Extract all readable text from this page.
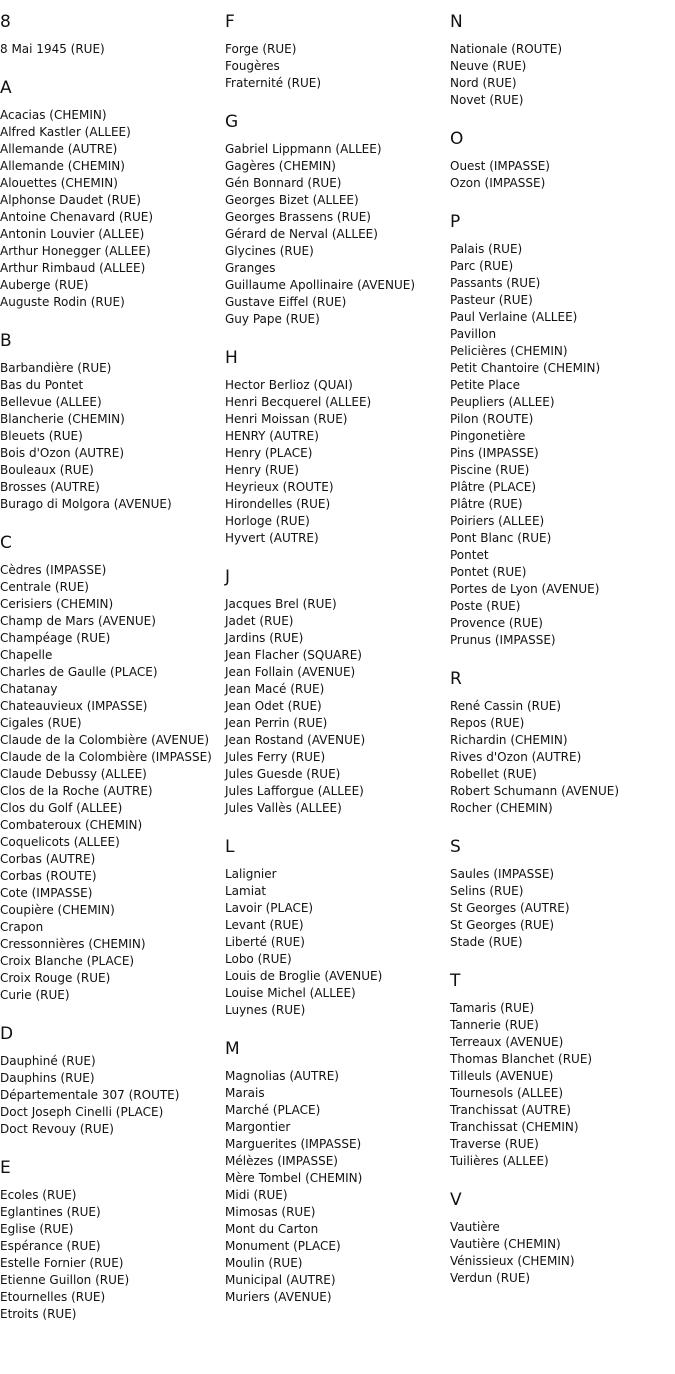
8
8 Mai 1945 (RUE)
A
Acacias (CHEMIN)
Alfred Kastler (ALLEE)
Allemande (AUTRE)
Allemande (CHEMIN)
Alouettes (CHEMIN)
Alphonse Daudet (RUE)
Antoine Chenavard (RUE)
Antonin Louvier (ALLEE)
Arthur Honegger (ALLEE)
Arthur Rimbaud (ALLEE)
Auberge (RUE)
Auguste Rodin (RUE)
B
Barbandière (RUE)
Bas du Pontet
Bellevue (ALLEE)
Blancherie (CHEMIN)
Bleuets (RUE)
Bois d'Ozon (AUTRE)
Bouleaux (RUE)
Brosses (AUTRE)
Burago di Molgora (AVENUE)
C
Cèdres (IMPASSE)
Centrale (RUE)
Cerisiers (CHEMIN)
Champ de Mars (AVENUE)
Champéage (RUE)
Chapelle
Charles de Gaulle (PLACE)
Chatanay
Chateauvieux (IMPASSE)
Cigales (RUE)
Claude de la Colombière (AVENUE)
Claude de la Colombière (IMPASSE)
Claude Debussy (ALLEE)
Clos de la Roche (AUTRE)
Clos du Golf (ALLEE)
Combateroux (CHEMIN)
Coquelicots (ALLEE)
Corbas (AUTRE)
Corbas (ROUTE)
Cote (IMPASSE)
Coupière (CHEMIN)
Crapon
Cressonnières (CHEMIN)
Croix Blanche (PLACE)
Croix Rouge (RUE)
Curie (RUE)
D
Dauphiné (RUE)
Dauphins (RUE)
Départementale 307 (ROUTE)
Doct Joseph Cinelli (PLACE)
Doct Revouy (RUE)
E
Ecoles (RUE)
Eglantines (RUE)
Eglise (RUE)
Espérance (RUE)
Estelle Fornier (RUE)
Etienne Guillon (RUE)
Etournelles (RUE)
Etroits (RUE)
F
Forge (RUE)
Fougères
Fraternité (RUE)
G
Gabriel Lippmann (ALLEE)
Gagères (CHEMIN)
Gén Bonnard (RUE)
Georges Bizet (ALLEE)
Georges Brassens (RUE)
Gérard de Nerval (ALLEE)
Glycines (RUE)
Granges
Guillaume Apollinaire (AVENUE)
Gustave Eiffel (RUE)
Guy Pape (RUE)
H
Hector Berlioz (QUAI)
Henri Becquerel (ALLEE)
Henri Moissan (RUE)
HENRY (AUTRE)
Henry (PLACE)
Henry (RUE)
Heyrieux (ROUTE)
Hirondelles (RUE)
Horloge (RUE)
Hyvert (AUTRE)
J
Jacques Brel (RUE)
Jadet (RUE)
Jardins (RUE)
Jean Flacher (SQUARE)
Jean Follain (AVENUE)
Jean Macé (RUE)
Jean Odet (RUE)
Jean Perrin (RUE)
Jean Rostand (AVENUE)
Jules Ferry (RUE)
Jules Guesde (RUE)
Jules Lafforgue (ALLEE)
Jules Vallès (ALLEE)
L
Lalignier
Lamiat
Lavoir (PLACE)
Levant (RUE)
Liberté (RUE)
Lobo (RUE)
Louis de Broglie (AVENUE)
Louise Michel (ALLEE)
Luynes (RUE)
M
Magnolias (AUTRE)
Marais
Marché (PLACE)
Margontier
Marguerites (IMPASSE)
Mélèzes (IMPASSE)
Mère Tombel (CHEMIN)
Midi (RUE)
Mimosas (RUE)
Mont du Carton
Monument (PLACE)
Moulin (RUE)
Municipal (AUTRE)
Muriers (AVENUE)
N
Nationale (ROUTE)
Neuve (RUE)
Nord (RUE)
Novet (RUE)
O
Ouest (IMPASSE)
Ozon (IMPASSE)
P
Palais (RUE)
Parc (RUE)
Passants (RUE)
Pasteur (RUE)
Paul Verlaine (ALLEE)
Pavillon
Pelicières (CHEMIN)
Petit Chantoire (CHEMIN)
Petite Place
Peupliers (ALLEE)
Pilon (ROUTE)
Pingonetière
Pins (IMPASSE)
Piscine (RUE)
Plâtre (PLACE)
Plâtre (RUE)
Poiriers (ALLEE)
Pont Blanc (RUE)
Pontet
Pontet (RUE)
Portes de Lyon (AVENUE)
Poste (RUE)
Provence (RUE)
Prunus (IMPASSE)
R
René Cassin (RUE)
Repos (RUE)
Richardin (CHEMIN)
Rives d'Ozon (AUTRE)
Robellet (RUE)
Robert Schumann (AVENUE)
Rocher (CHEMIN)
S
Saules (IMPASSE)
Selins (RUE)
St Georges (AUTRE)
St Georges (RUE)
Stade (RUE)
T
Tamaris (RUE)
Tannerie (RUE)
Terreaux (AVENUE)
Thomas Blanchet (RUE)
Tilleuls (AVENUE)
Tournesols (ALLEE)
Tranchissat (AUTRE)
Tranchissat (CHEMIN)
Traverse (RUE)
Tuilières (ALLEE)
V
Vautière
Vautière (CHEMIN)
Vénissieux (CHEMIN)
Verdun (RUE)
